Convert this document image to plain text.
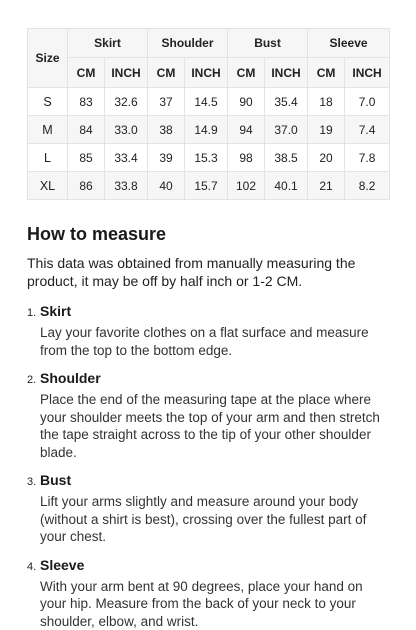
Size	Skirt		Shoulder		Bust		Sleeve	
	CM	INCH	CM	INCH	CM	INCH	CM	INCH
S	83	32.6	37	14.5	90	35.4	18	7.0
M	84	33.0	38	14.9	94	37.0	19	7.4
L	85	33.4	39	15.3	98	38.5	20	7.8
XL	86	33.8	40	15.7	102	40.1	21	8.2
How to measure

This data was obtained from manually measuring the product, it may be off by half inch or 1-2 CM.

1. Skirt
Lay your favorite clothes on a flat surface and measure from the top to the bottom edge.
2. Shoulder
Place the end of the measuring tape at the place where your shoulder meets the top of your arm and then stretch the tape straight across to the tip of your other shoulder blade.
3. Bust
Lift your arms slightly and measure around your body (without a shirt is best), crossing over the fullest part of your chest.
4. Sleeve
With your arm bent at 90 degrees, place your hand on your hip. Measure from the back of your neck to your shoulder, elbow, and wrist.
